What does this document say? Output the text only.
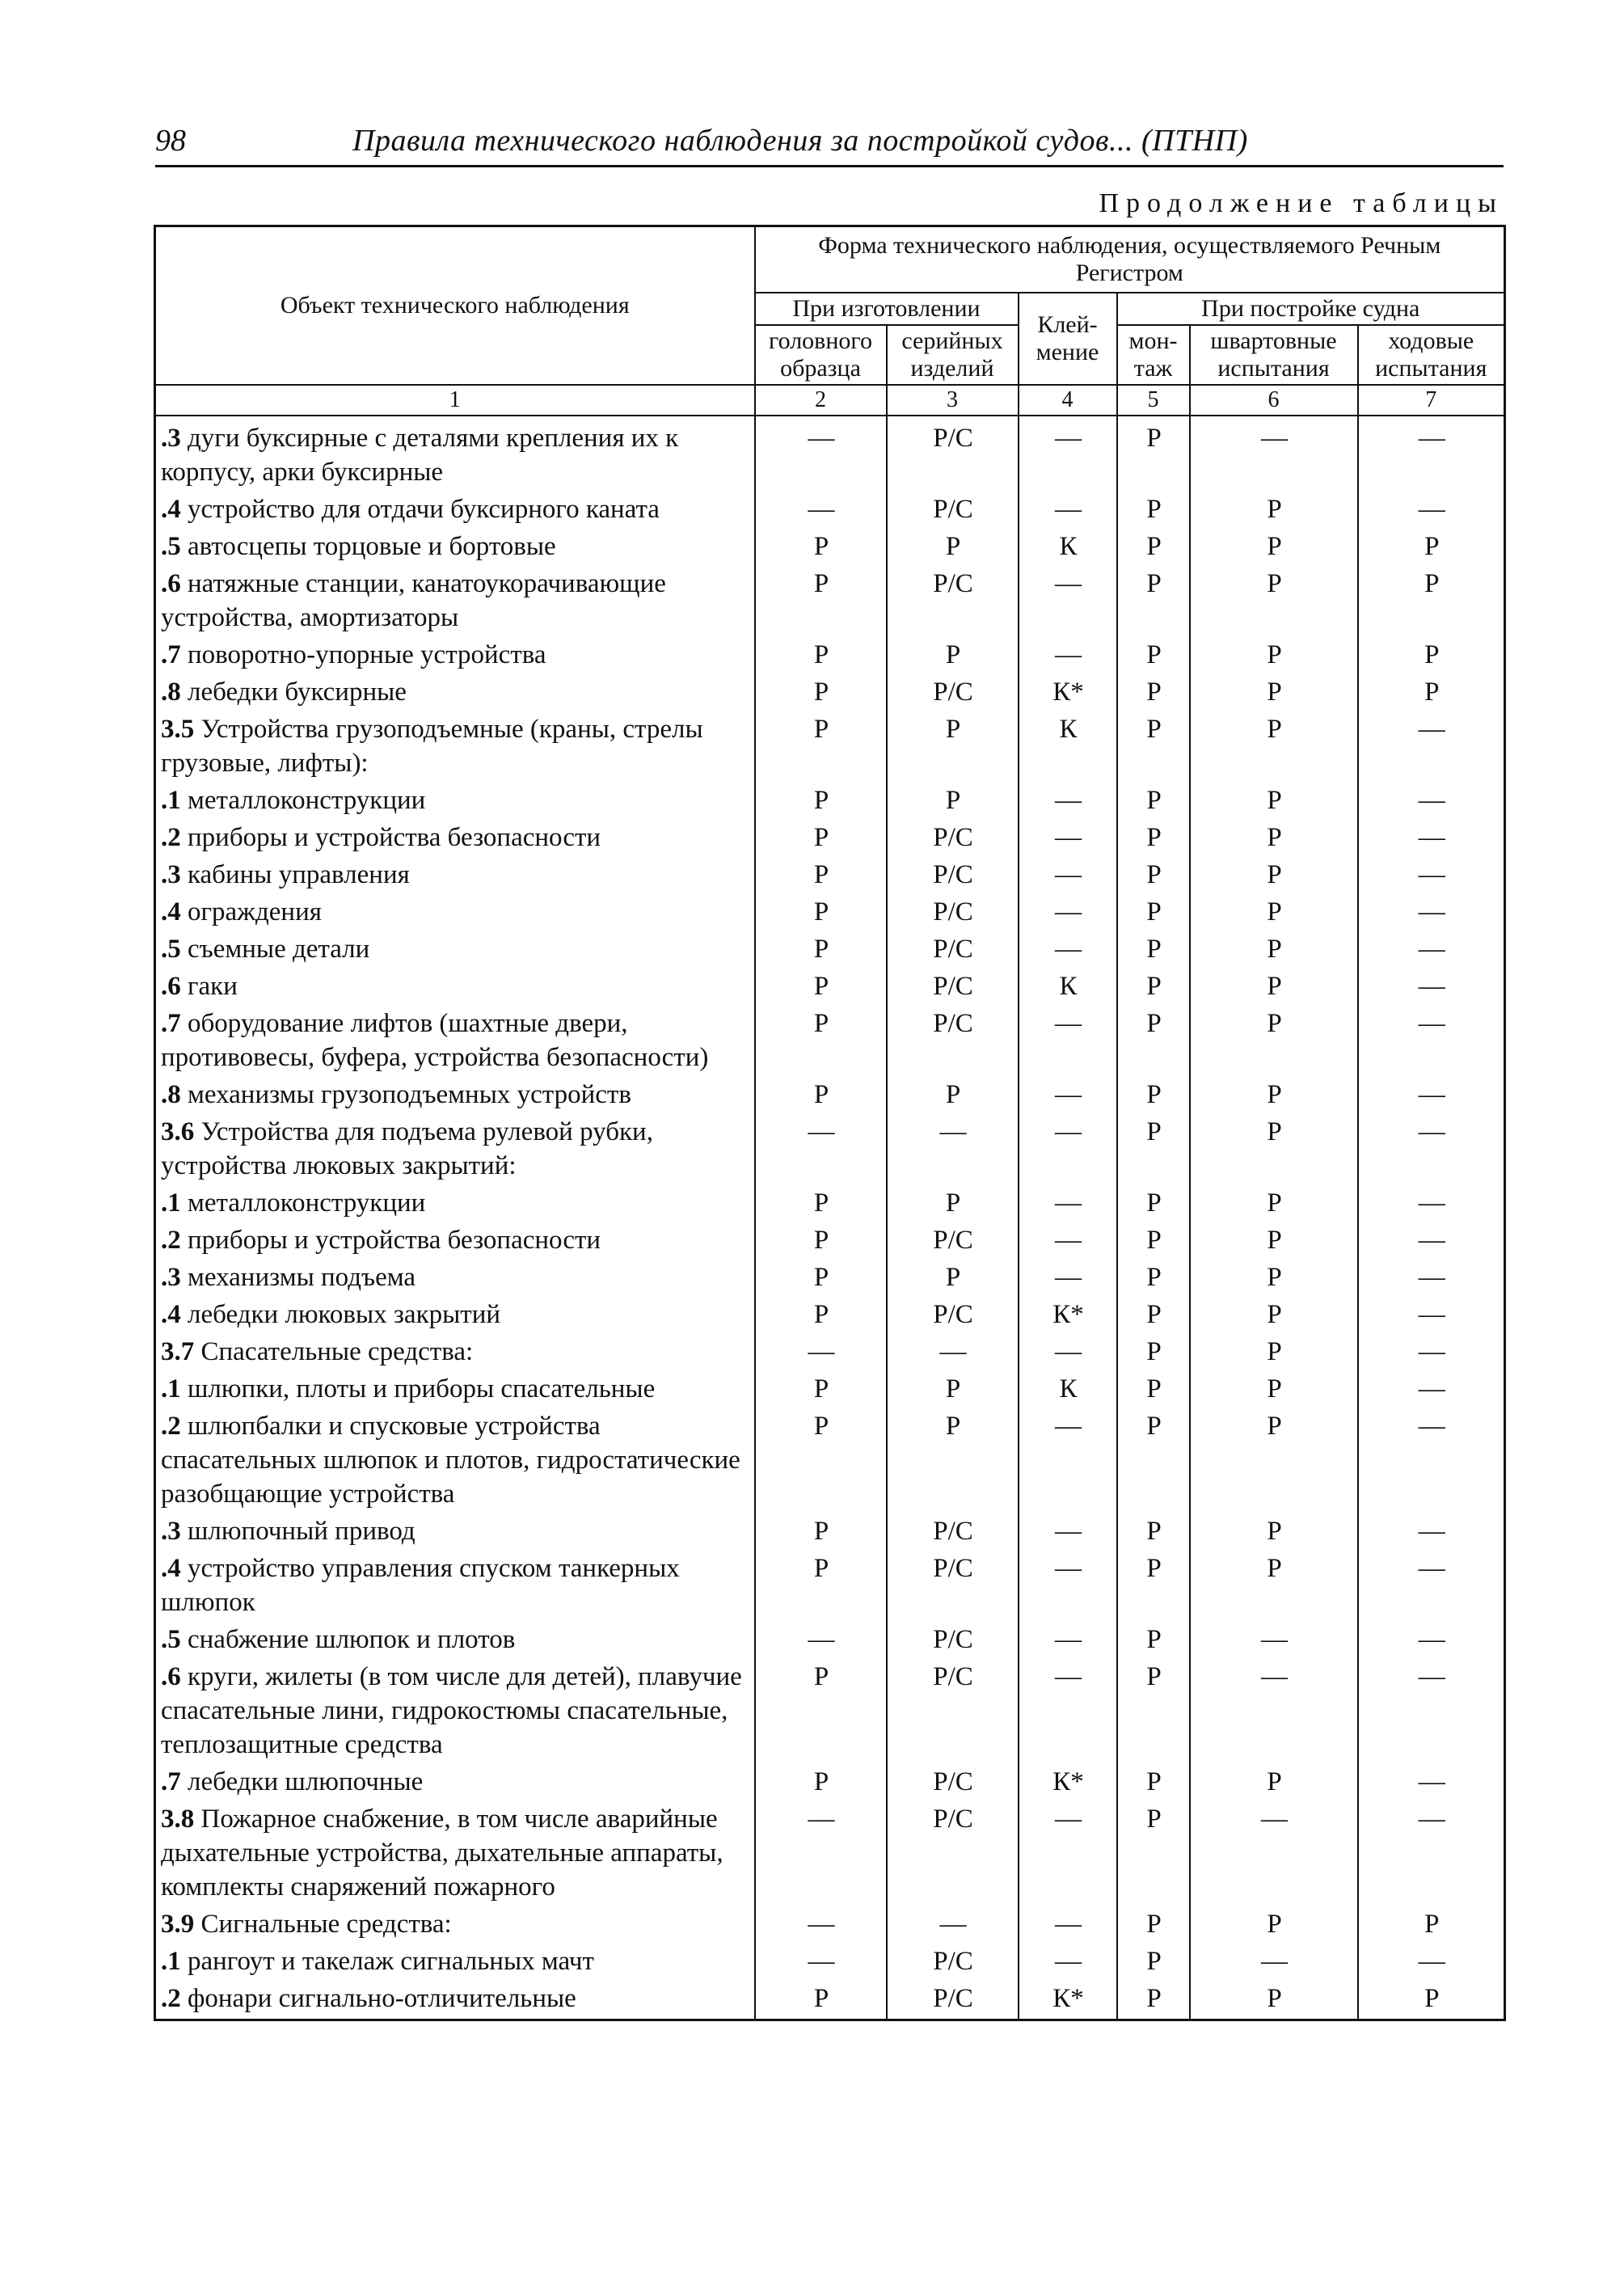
98	Правила технического наблюдения за постройкой судов... (ПТНП)
Продолжение таблицы
Объект технического наблюдения	Форма технического наблюдения, осуществляемого Речным Регистром					
	При изготовлении		Клей-мение	При постройке судна		
	головного образца	серийных изделий		мон-таж	швартовные испытания	ходовые испытания
1	2	3	4	5	6	7
.3 дуги буксирные с деталями крепления их к корпусу, арки буксирные	—	Р/С	—	Р	—	—
.4 устройство для отдачи буксирного каната	—	Р/С	—	Р	Р	—
.5 автосцепы торцовые и бортовые	Р	Р	К	Р	Р	Р
.6 натяжные станции, канатоукорачивающие устройства, амортизаторы	Р	Р/С	—	Р	Р	Р
.7 поворотно-упорные устройства	Р	Р	—	Р	Р	Р
.8 лебедки буксирные	Р	Р/С	К*	Р	Р	Р
3.5 Устройства грузоподъемные (краны, стрелы грузовые, лифты):	Р	Р	К	Р	Р	—
.1 металлоконструкции	Р	Р	—	Р	Р	—
.2 приборы и устройства безопасности	Р	Р/С	—	Р	Р	—
.3 кабины управления	Р	Р/С	—	Р	Р	—
.4 ограждения	Р	Р/С	—	Р	Р	—
.5 съемные детали	Р	Р/С	—	Р	Р	—
.6 гаки	Р	Р/С	К	Р	Р	—
.7 оборудование лифтов (шахтные двери, противовесы, буфера, устройства безопасности)	Р	Р/С	—	Р	Р	—
.8 механизмы грузоподъемных устройств	Р	Р	—	Р	Р	—
3.6 Устройства для подъема рулевой рубки, устройства люковых закрытий:	—	—	—	Р	Р	—
.1 металлоконструкции	Р	Р	—	Р	Р	—
.2 приборы и устройства безопасности	Р	Р/С	—	Р	Р	—
.3 механизмы подъема	Р	Р	—	Р	Р	—
.4 лебедки люковых закрытий	Р	Р/С	К*	Р	Р	—
3.7 Спасательные средства:	—	—	—	Р	Р	—
.1 шлюпки, плоты и приборы спасательные	Р	Р	К	Р	Р	—
.2 шлюпбалки и спусковые устройства спасательных шлюпок и плотов, гидростатические разобщающие устройства	Р	Р	—	Р	Р	—
.3 шлюпочный привод	Р	Р/С	—	Р	Р	—
.4 устройство управления спуском танкерных шлюпок	Р	Р/С	—	Р	Р	—
.5 снабжение шлюпок и плотов	—	Р/С	—	Р	—	—
.6 круги, жилеты (в том числе для детей), плавучие спасательные лини, гидрокостюмы спасательные, теплозащитные средства	Р	Р/С	—	Р	—	—
.7 лебедки шлюпочные	Р	Р/С	К*	Р	Р	—
3.8 Пожарное снабжение, в том числе аварийные дыхательные устройства, дыхательные аппараты, комплекты снаряжений пожарного	—	Р/С	—	Р	—	—
3.9 Сигнальные средства:	—	—	—	Р	Р	Р
.1 рангоут и такелаж сигнальных мачт	—	Р/С	—	Р	—	—
.2 фонари сигнально-отличительные	Р	Р/С	К*	Р	Р	Р
